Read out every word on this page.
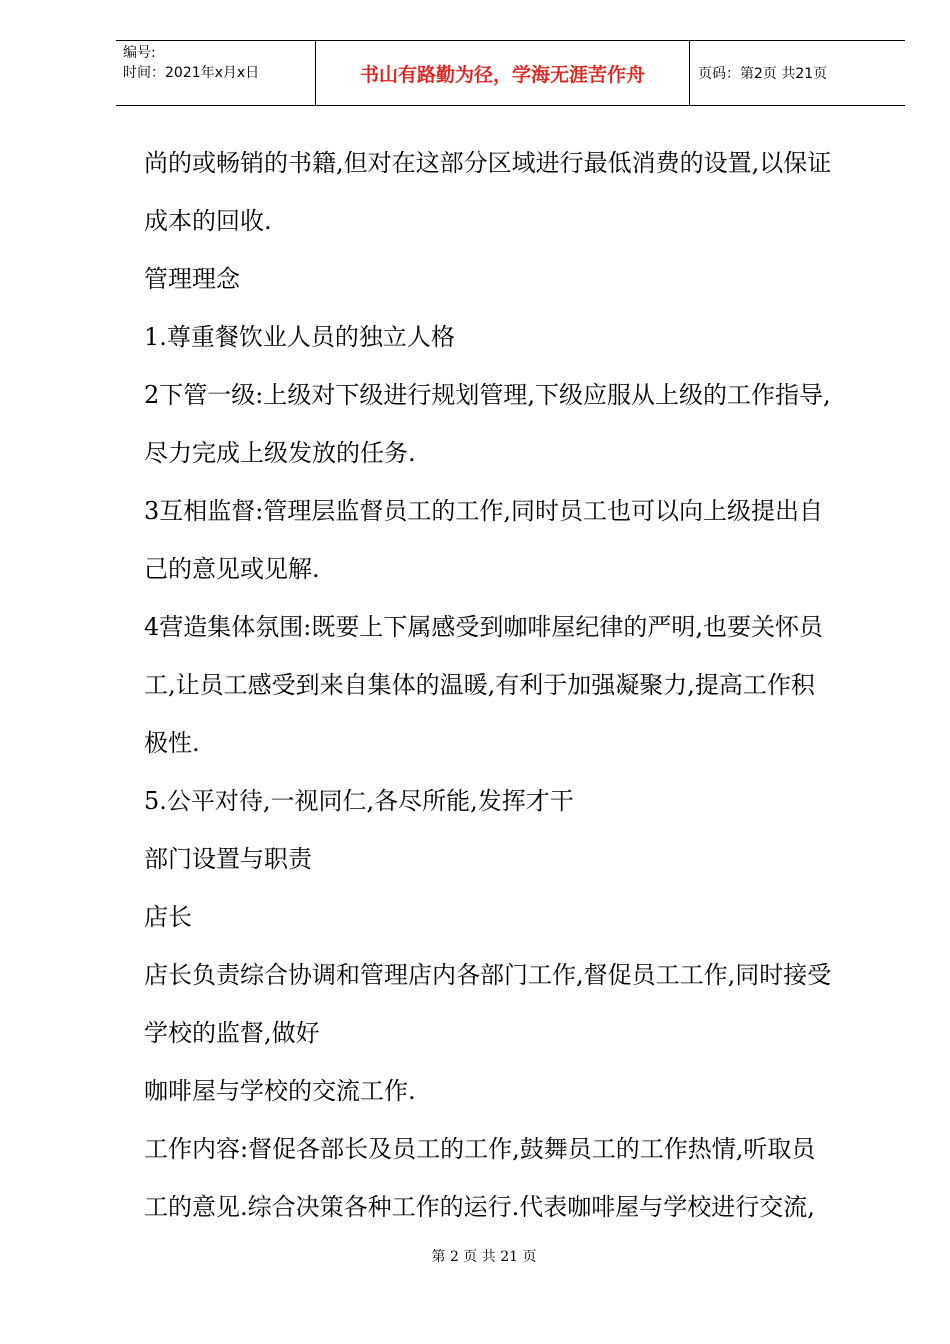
编号:
时间：2021年x月x日	书山有路勤为径，学海无涯苦作舟	页码：第2页 共21页

尚的或畅销的书籍,但对在这部分区域进行最低消费的设置,以保证

成本的回收.

管理理念

1.尊重餐饮业人员的独立人格

2下管一级:上级对下级进行规划管理,下级应服从上级的工作指导,

尽力完成上级发放的任务.

3互相监督:管理层监督员工的工作,同时员工也可以向上级提出自

己的意见或见解.

4营造集体氛围:既要上下属感受到咖啡屋纪律的严明,也要关怀员

工,让员工感受到来自集体的温暖,有利于加强凝聚力,提高工作积

极性.

5.公平对待,一视同仁,各尽所能,发挥才干

部门设置与职责

店长

店长负责综合协调和管理店内各部门工作,督促员工工作,同时接受

学校的监督,做好

咖啡屋与学校的交流工作.

工作内容:督促各部长及员工的工作,鼓舞员工的工作热情,听取员

工的意见.综合决策各种工作的运行.代表咖啡屋与学校进行交流,

第 2 页 共 21 页
